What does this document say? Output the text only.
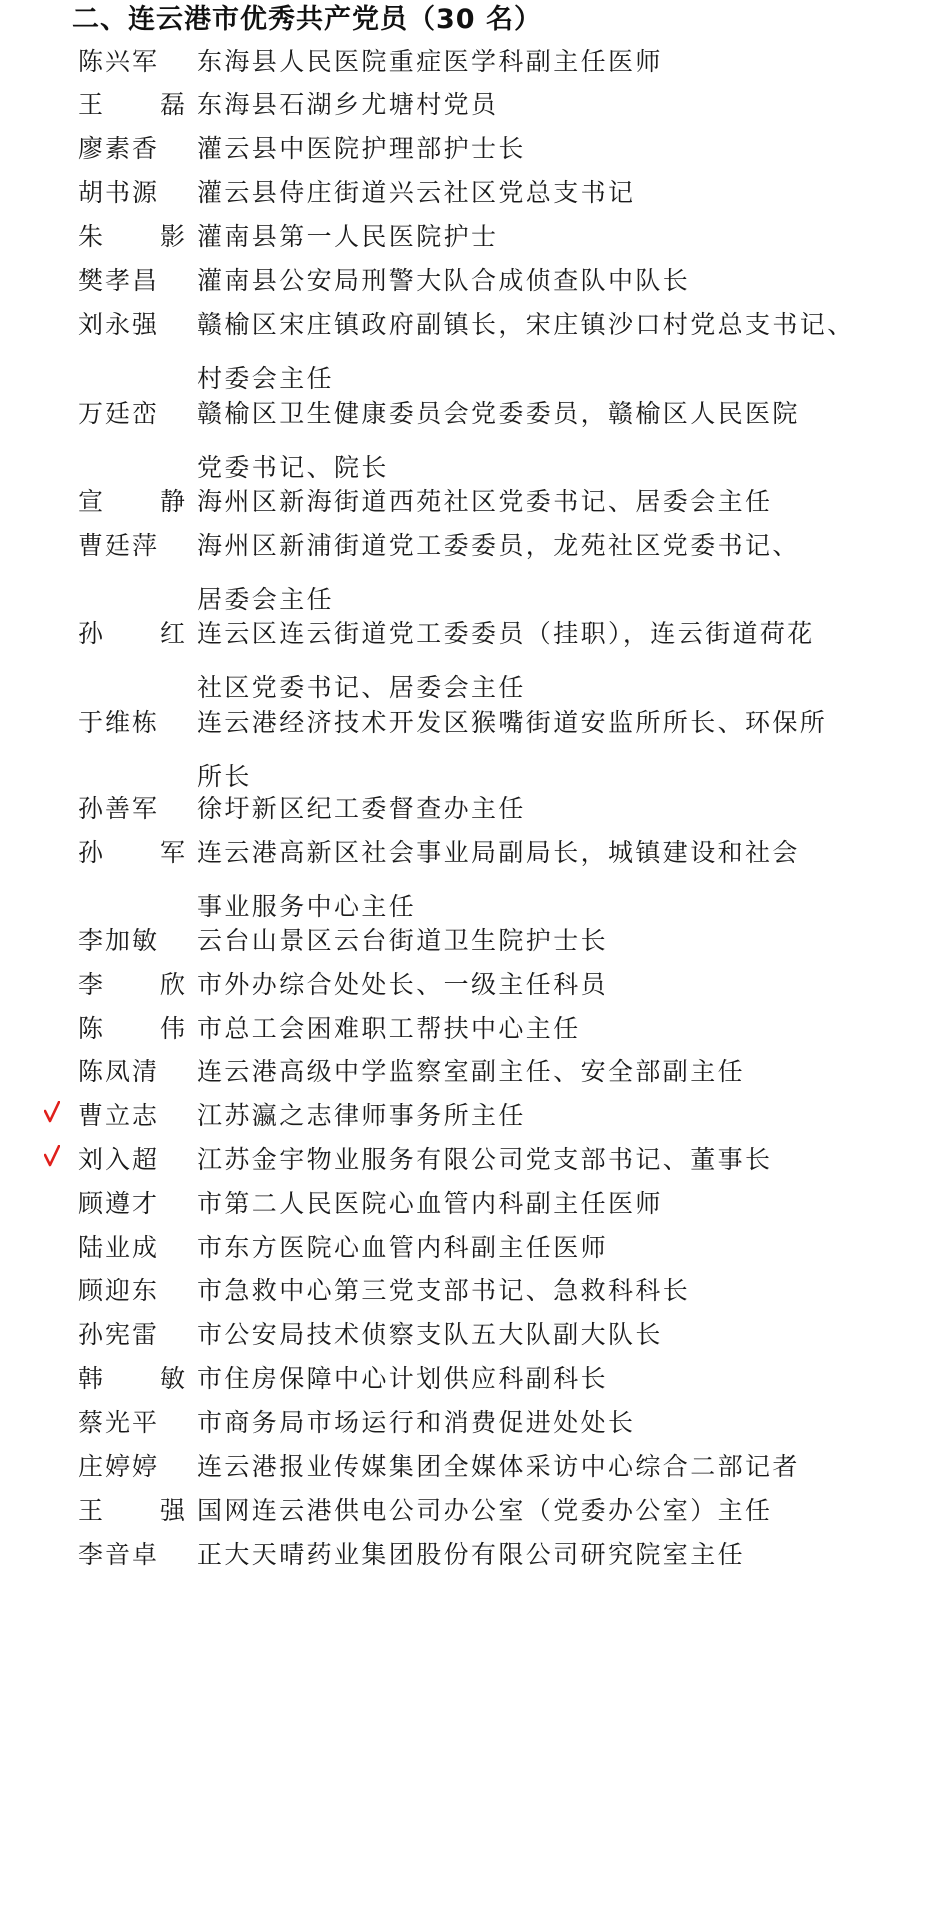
二、连云港市优秀共产党员（30 名）
陈兴军 东海县人民医院重症医学科副主任医师
王 磊 东海县石湖乡尤塘村党员
廖素香 灌云县中医院护理部护士长
胡书源 灌云县侍庄街道兴云社区党总支书记
朱 影 灌南县第一人民医院护士
樊孝昌 灌南县公安局刑警大队合成侦查队中队长
刘永强 赣榆区宋庄镇政府副镇长，宋庄镇沙口村党总支书记、
村委会主任
万廷峦 赣榆区卫生健康委员会党委委员，赣榆区人民医院
党委书记、院长
宣 静 海州区新海街道西苑社区党委书记、居委会主任
曹廷萍 海州区新浦街道党工委委员，龙苑社区党委书记、
居委会主任
孙 红 连云区连云街道党工委委员（挂职），连云街道荷花
社区党委书记、居委会主任
于维栋 连云港经济技术开发区猴嘴街道安监所所长、环保所
所长
孙善军 徐圩新区纪工委督查办主任
孙 军 连云港高新区社会事业局副局长，城镇建设和社会
事业服务中心主任
李加敏 云台山景区云台街道卫生院护士长
李 欣 市外办综合处处长、一级主任科员
陈 伟 市总工会困难职工帮扶中心主任
陈凤清 连云港高级中学监察室副主任、安全部副主任
曹立志 江苏瀛之志律师事务所主任
刘入超 江苏金宇物业服务有限公司党支部书记、董事长
顾遵才 市第二人民医院心血管内科副主任医师
陆业成 市东方医院心血管内科副主任医师
顾迎东 市急救中心第三党支部书记、急救科科长
孙宪雷 市公安局技术侦察支队五大队副大队长
韩 敏 市住房保障中心计划供应科副科长
蔡光平 市商务局市场运行和消费促进处处长
庄婷婷 连云港报业传媒集团全媒体采访中心综合二部记者
王 强 国网连云港供电公司办公室（党委办公室）主任
李音卓 正大天晴药业集团股份有限公司研究院室主任
